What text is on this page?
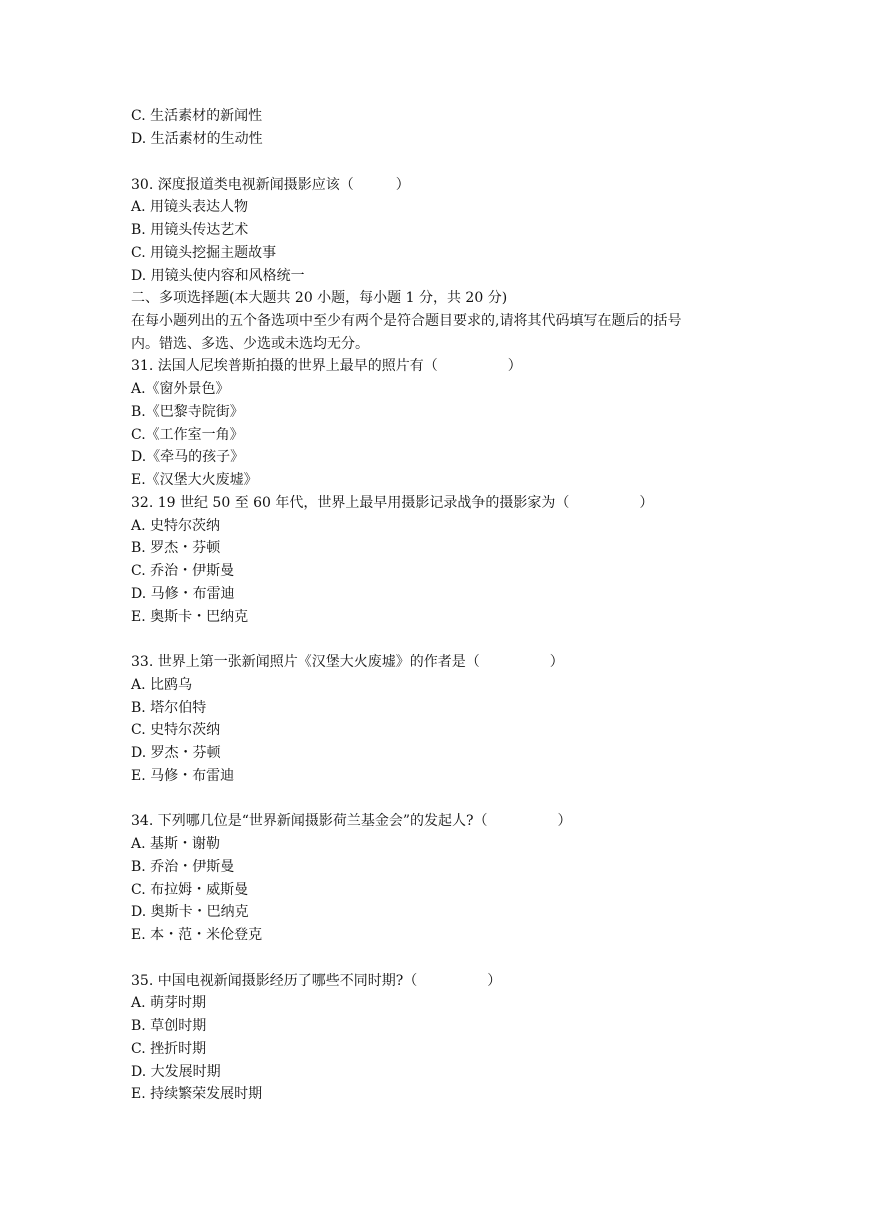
C. 生活素材的新闻性
D. 生活素材的生动性
30. 深度报道类电视新闻摄影应该（　　　）
A. 用镜头表达人物
B. 用镜头传达艺术
C. 用镜头挖掘主题故事
D. 用镜头使内容和风格统一
二、多项选择题(本大题共 20 小题，每小题 1 分，共 20 分)
在每小题列出的五个备选项中至少有两个是符合题目要求的,请将其代码填写在题后的括号
内。错选、多选、少选或未选均无分。
31. 法国人尼埃普斯拍摄的世界上最早的照片有（　　　　　）
A.《窗外景色》
B.《巴黎寺院街》
C.《工作室一角》
D.《牵马的孩子》
E.《汉堡大火废墟》
32. 19 世纪 50 至 60 年代，世界上最早用摄影记录战争的摄影家为（　　　　　）
A. 史特尔茨纳
B. 罗杰・芬顿
C. 乔治・伊斯曼
D. 马修・布雷迪
E. 奥斯卡・巴纳克
33. 世界上第一张新闻照片《汉堡大火废墟》的作者是（　　　　　）
A. 比鸥乌
B. 塔尔伯特
C. 史特尔茨纳
D. 罗杰・芬顿
E. 马修・布雷迪
34. 下列哪几位是“世界新闻摄影荷兰基金会”的发起人?（　　　　　）
A. 基斯・谢勒
B. 乔治・伊斯曼
C. 布拉姆・威斯曼
D. 奥斯卡・巴纳克
E. 本・范・米伦登克
35. 中国电视新闻摄影经历了哪些不同时期?（　　　　　）
A. 萌芽时期
B. 草创时期
C. 挫折时期
D. 大发展时期
E. 持续繁荣发展时期
